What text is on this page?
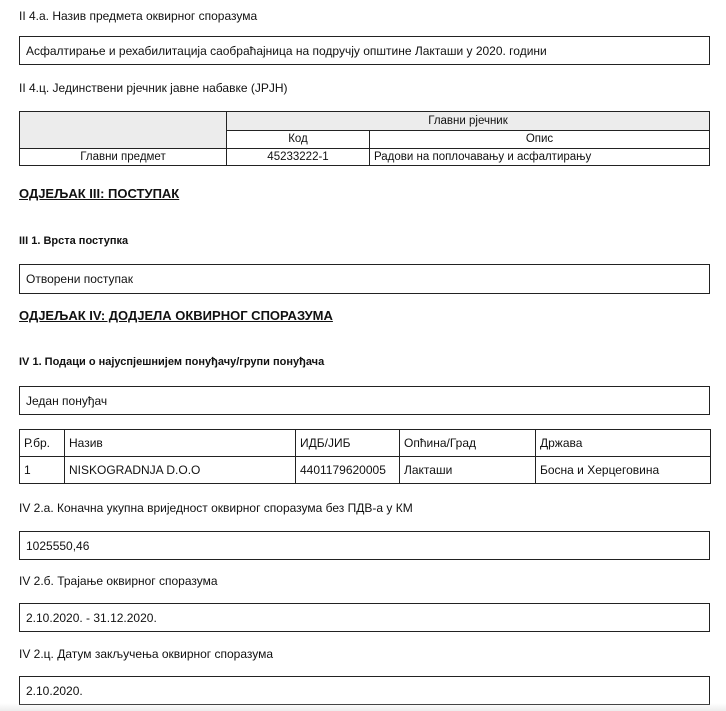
II 4.а. Назив предмета оквирног споразума
Асфалтирање и рехабилитација саобраћајница на подручју општине Лакташи у 2020. години
II 4.ц. Јединствени рјечник јавне набавке (ЈРЈН)
	Главни рјечник	
	Код	Опис
Главни предмет	45233222-1	Радови на поплочавању и асфалтирању
ОДЈЕЉАК III: ПОСТУПАК
III 1. Врста поступка
Отворени поступак
ОДЈЕЉАК IV: ДОДЈЕЛА ОКВИРНОГ СПОРАЗУМА
IV 1. Подаци о најуспјешнијем понуђачу/групи понуђача
Један понуђач
Р.бр.	Назив	ИДБ/ЈИБ	Опћина/Град	Држава
1	NISKOGRADNJA D.O.O	4401179620005	Лакташи	Босна и Херцеговина
IV 2.а. Коначна укупна вриједност оквирног споразума без ПДВ-а у КМ
1025550,46
IV 2.б. Трајање оквирног споразума
2.10.2020. - 31.12.2020.
IV 2.ц. Датум закључења оквирног споразума
2.10.2020.
